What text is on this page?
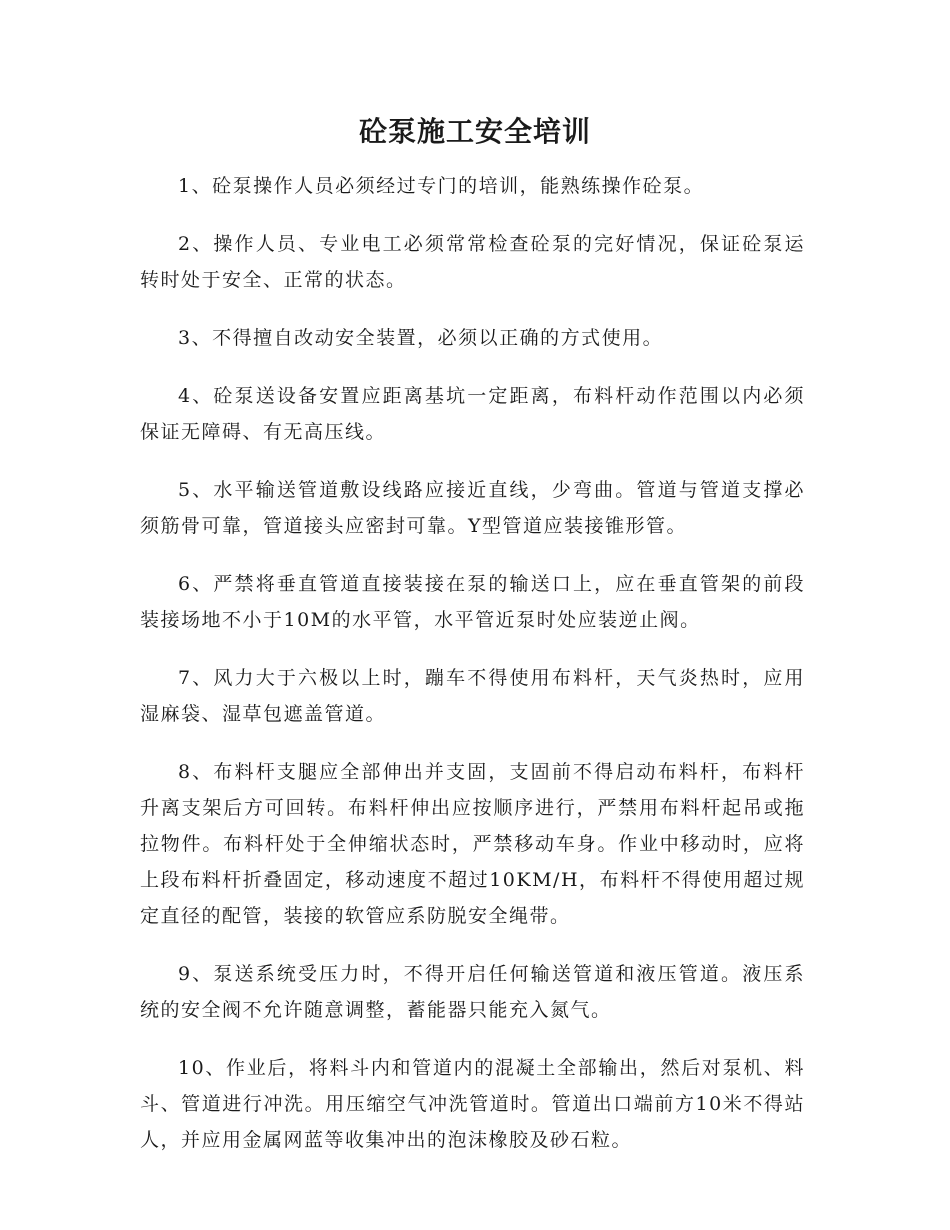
砼泵施工安全培训

1、砼泵操作人员必须经过专门的培训，能熟练操作砼泵。

2、操作人员、专业电工必须常常检查砼泵的完好情况，保证砼泵运转时处于安全、正常的状态。

3、不得擅自改动安全装置，必须以正确的方式使用。

4、砼泵送设备安置应距离基坑一定距离，布料杆动作范围以内必须保证无障碍、有无高压线。

5、水平输送管道敷设线路应接近直线，少弯曲。管道与管道支撑必须筋骨可靠，管道接头应密封可靠。Y型管道应装接锥形管。

6、严禁将垂直管道直接装接在泵的输送口上，应在垂直管架的前段装接场地不小于10M的水平管，水平管近泵时处应装逆止阀。

7、风力大于六极以上时，蹦车不得使用布料杆，天气炎热时，应用湿麻袋、湿草包遮盖管道。

8、布料杆支腿应全部伸出并支固，支固前不得启动布料杆，布料杆升离支架后方可回转。布料杆伸出应按顺序进行，严禁用布料杆起吊或拖拉物件。布料杆处于全伸缩状态时，严禁移动车身。作业中移动时，应将上段布料杆折叠固定，移动速度不超过10KM/H，布料杆不得使用超过规定直径的配管，装接的软管应系防脱安全绳带。

9、泵送系统受压力时，不得开启任何输送管道和液压管道。液压系统的安全阀不允许随意调整，蓄能器只能充入氮气。

10、作业后，将料斗内和管道内的混凝土全部输出，然后对泵机、料斗、管道进行冲洗。用压缩空气冲洗管道时。管道出口端前方10米不得站人，并应用金属网蓝等收集冲出的泡沫橡胶及砂石粒。
